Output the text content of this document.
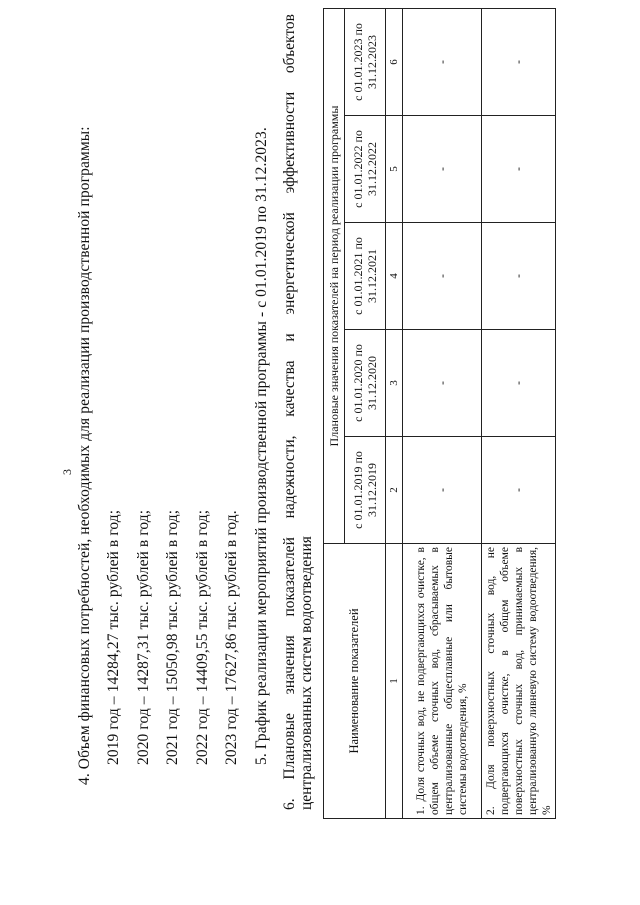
3 4. Объем финансовых потребностей, необходимых для реализации производственной программы: 2019 год – 14284,27 тыс. рублей в год; 2020 год – 14287,31 тыс. рублей в год; 2021 год – 15050,98 тыс. рублей в год; 2022 год – 14409,55 тыс. рублей в год; 2023 год – 17627,86 тыс. рублей в год. 5. График реализации мероприятий производственной программы - с 01.01.2019 по 31.12.2023. 6. Плановые значения показателей надежности, качества и энергетической эффективности объектов централизованных систем водоотведения	Наименование показателей	Плановые значения показателей на период реализации программы				
	с 01.01.2019 по 31.12.2019	с 01.01.2020 по 31.12.2020	с 01.01.2021 по 31.12.2021	с 01.01.2022 по 31.12.2022	с 01.01.2023 по 31.12.2023
1	2	3	4	5	6
1. Доля сточных вод, не подвергающихся очистке, в общем объеме сточных вод, сбрасываемых в централизованные общесплавные или бытовые системы водоотведения, %	-	-	-	-	-
2. Доля поверхностных сточных вод, не подвергающихся очистке, в общем объеме поверхностных сточных вод, принимаемых в централизованную ливневую систему водоотведения, %	-	-	-	-	-
